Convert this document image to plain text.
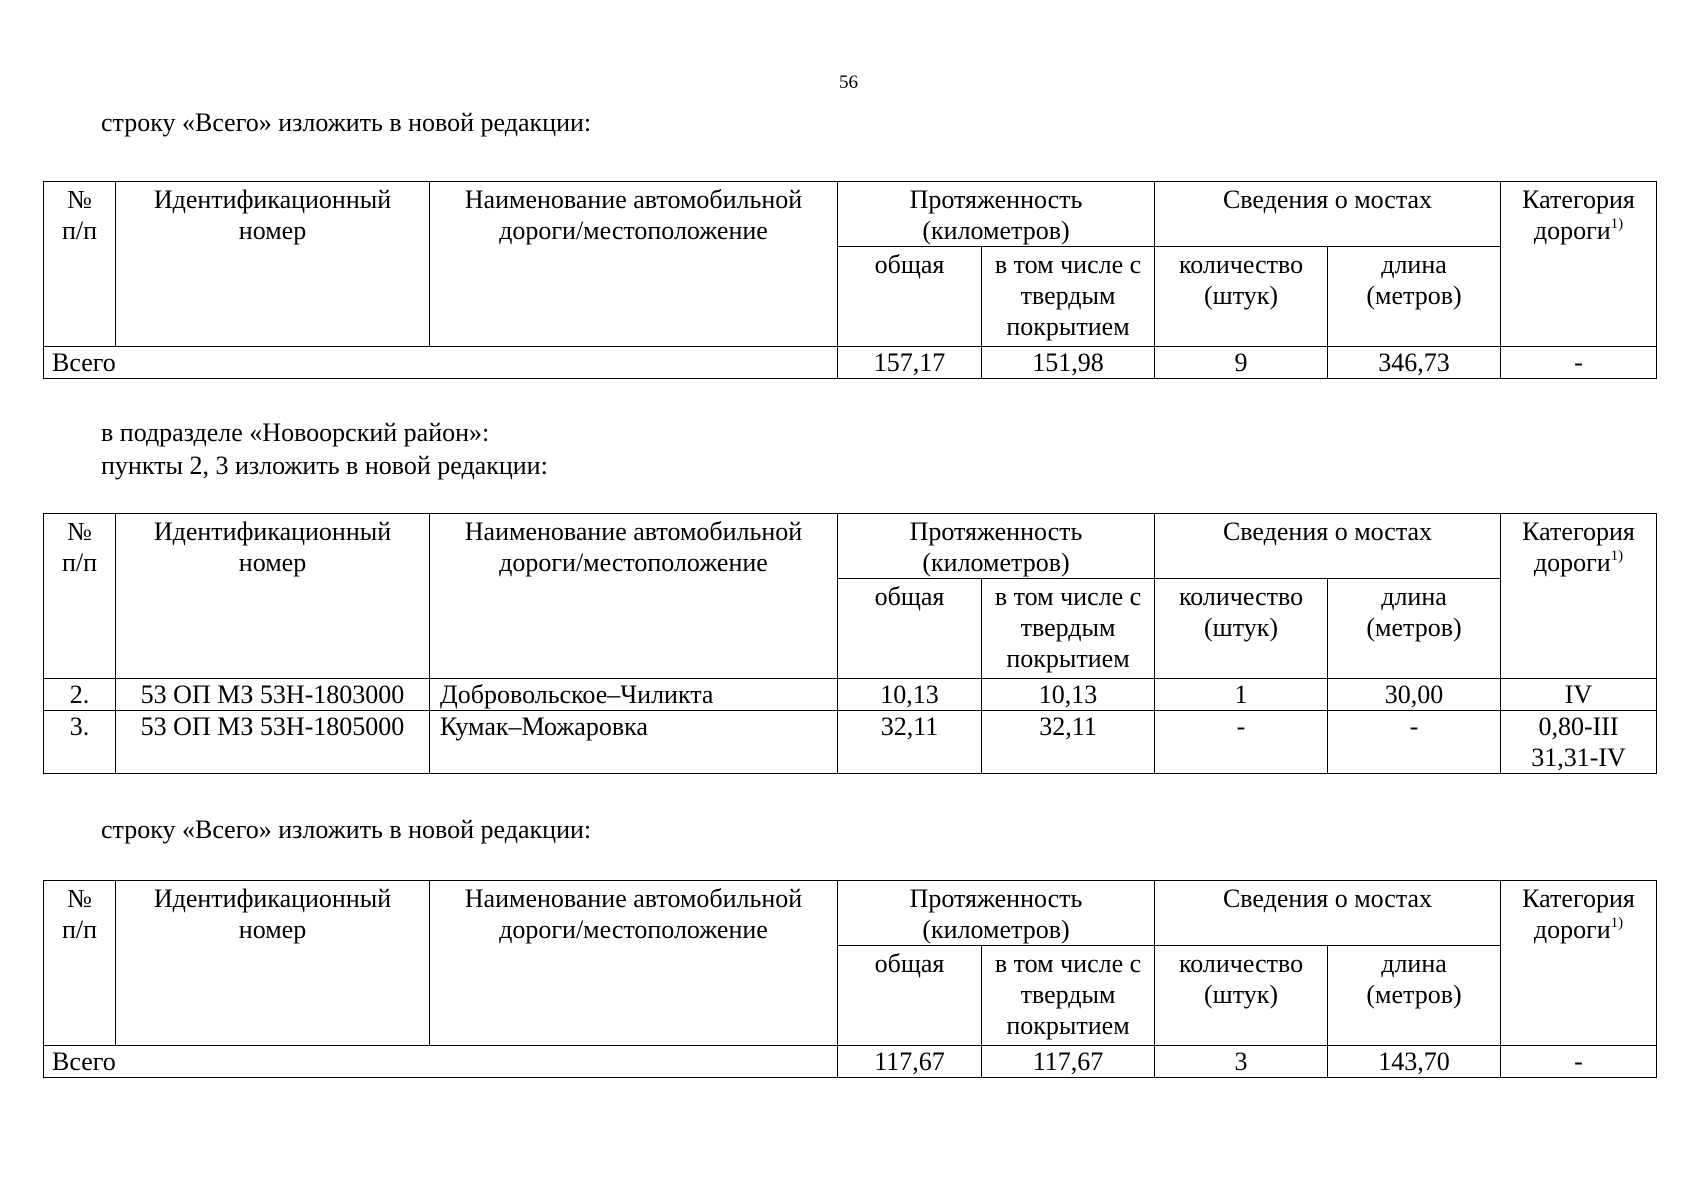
56
строку «Всего» изложить в новой редакции:
№
п/п	Идентификационный номер	Наименование автомобильной дороги/местоположение	Протяженность (километров)		Сведения о мостах		Категория дороги$^{1)}$
			общая	в том числе с твердым покрытием	количество (штук)	длина (метров)	
Всего			157,17	151,98	9	346,73	-
в подразделе «Новоорский район»:
пункты 2, 3 изложить в новой редакции:
№
п/п	Идентификационный номер	Наименование автомобильной дороги/местоположение	Протяженность (километров)		Сведения о мостах		Категория дороги$^{1)}$
			общая	в том числе с твердым покрытием	количество (штук)	длина (метров)	
2.	53 ОП МЗ 53Н-1803000	Добровольское–Чиликта	10,13	10,13	1	30,00	IV
3.	53 ОП МЗ 53Н-1805000	Кумак–Можаровка	32,11	32,11	-	-	0,80-III
31,31-IV
строку «Всего» изложить в новой редакции:
№
п/п	Идентификационный номер	Наименование автомобильной дороги/местоположение	Протяженность (километров)		Сведения о мостах		Категория дороги$^{1)}$
			общая	в том числе с твердым покрытием	количество (штук)	длина (метров)	
Всего			117,67	117,67	3	143,70	-
